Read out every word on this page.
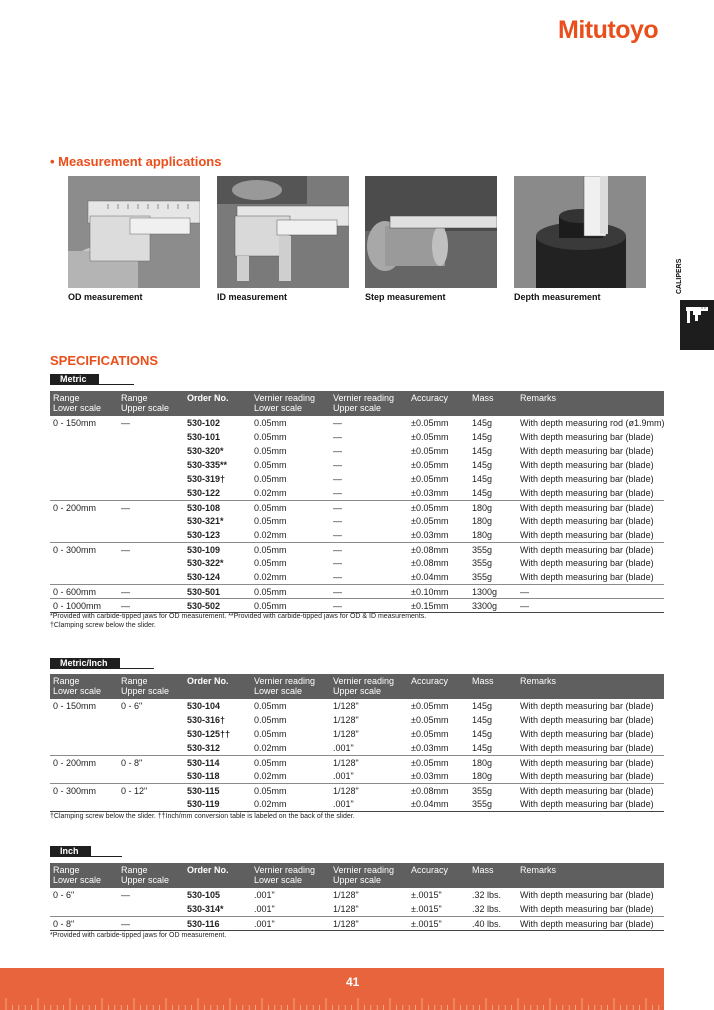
Mitutoyo
• Measurement applications
OD measurement	ID measurement	Step measurement	Depth measurement
CALIPERS
SPECIFICATIONS
Metric
Range
Lower scale
Range
Upper scale
Order No.	Vernier reading
Lower scale
Vernier reading
Upper scale
Accuracy	Mass	Remarks
0 - 150mm	—	530-102	0.05mm	—	±0.05mm	145g	With depth measuring rod (ø1.9mm)
530-101	0.05mm	—	±0.05mm	145g	With depth measuring bar (blade)
530-320*	0.05mm	—	±0.05mm	145g	With depth measuring bar (blade)
530-335**	0.05mm	—	±0.05mm	145g	With depth measuring bar (blade)
530-319†	0.05mm	—	±0.05mm	145g	With depth measuring bar (blade)
530-122	0.02mm	—	±0.03mm	145g	With depth measuring bar (blade)
0 - 200mm	—	530-108	0.05mm	—	±0.05mm	180g	With depth measuring bar (blade)
530-321*	0.05mm	—	±0.05mm	180g	With depth measuring bar (blade)
530-123	0.02mm	—	±0.03mm	180g	With depth measuring bar (blade)
0 - 300mm	—	530-109	0.05mm	—	±0.08mm	355g	With depth measuring bar (blade)
530-322*	0.05mm	—	±0.08mm	355g	With depth measuring bar (blade)
530-124	0.02mm	—	±0.04mm	355g	With depth measuring bar (blade)
0 - 600mm	—	530-501	0.05mm	—	±0.10mm	1300g	—
0 - 1000mm —	530-502	0.05mm	—	±0.15mm	3300g	—
*Provided with carbide-tipped jaws for OD measurement. **Provided with carbide-tipped jaws for OD & ID measurements.
†Clamping screw below the slider.
Metric/Inch
Range
Lower scale
Range
Upper scale
Order No.	Vernier reading
Lower scale
Vernier reading
Upper scale
Accuracy	Mass	Remarks
0 - 150mm	0 - 6"	530-104	0.05mm	1/128"	±0.05mm	145g	With depth measuring bar (blade)
530-316†	0.05mm	1/128"	±0.05mm	145g	With depth measuring bar (blade)
530-125††	0.05mm	1/128"	±0.05mm	145g	With depth measuring bar (blade)
530-312	0.02mm	.001"	±0.03mm	145g	With depth measuring bar (blade)
0 - 200mm	0 - 8"	530-114	0.05mm	1/128"	±0.05mm	180g	With depth measuring bar (blade)
530-118	0.02mm	.001"	±0.03mm	180g	With depth measuring bar (blade)
0 - 300mm	0 - 12"	530-115	0.05mm	1/128"	±0.08mm	355g	With depth measuring bar (blade)
530-119	0.02mm	.001"	±0.04mm	355g	With depth measuring bar (blade)
†Clamping screw below the slider. ††Inch/mm conversion table is labeled on the back of the slider.
Inch
Range
Lower scale
Range
Upper scale
Order No.	Vernier reading
Lower scale
Vernier reading
Upper scale
Accuracy	Mass	Remarks
0 - 6"	—	530-105	.001"	1/128"	±.0015"	.32 lbs. With depth measuring bar (blade)
530-314*	.001"	1/128"	±.0015"	.32 lbs. With depth measuring bar (blade)
0 - 8"	—	530-116	.001"	1/128"	±.0015"	.40 lbs. With depth measuring bar (blade)
*Provided with carbide-tipped jaws for OD measurement.
41
